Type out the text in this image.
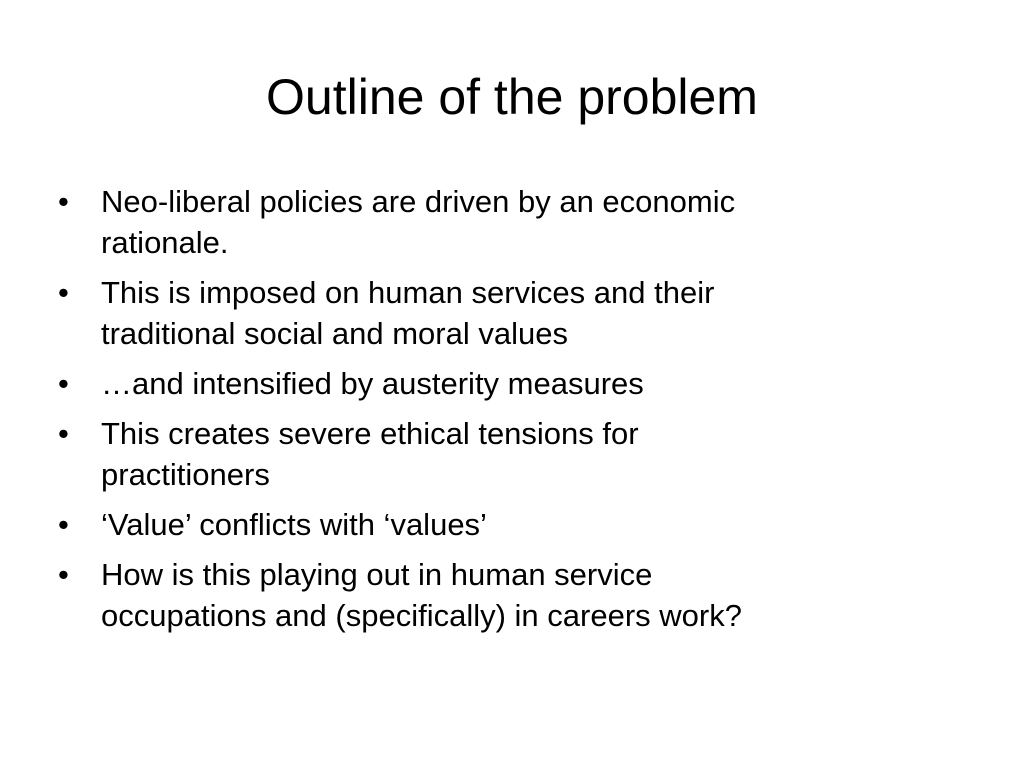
Outline of the problem
• Neo-liberal policies are driven by an economic
rationale.
• This is imposed on human services and their
traditional social and moral values
• …and intensified by austerity measures
• This creates severe ethical tensions for
practitioners
• ‘Value’ conflicts with ‘values’
• How is this playing out in human service
occupations and (specifically) in careers work?
